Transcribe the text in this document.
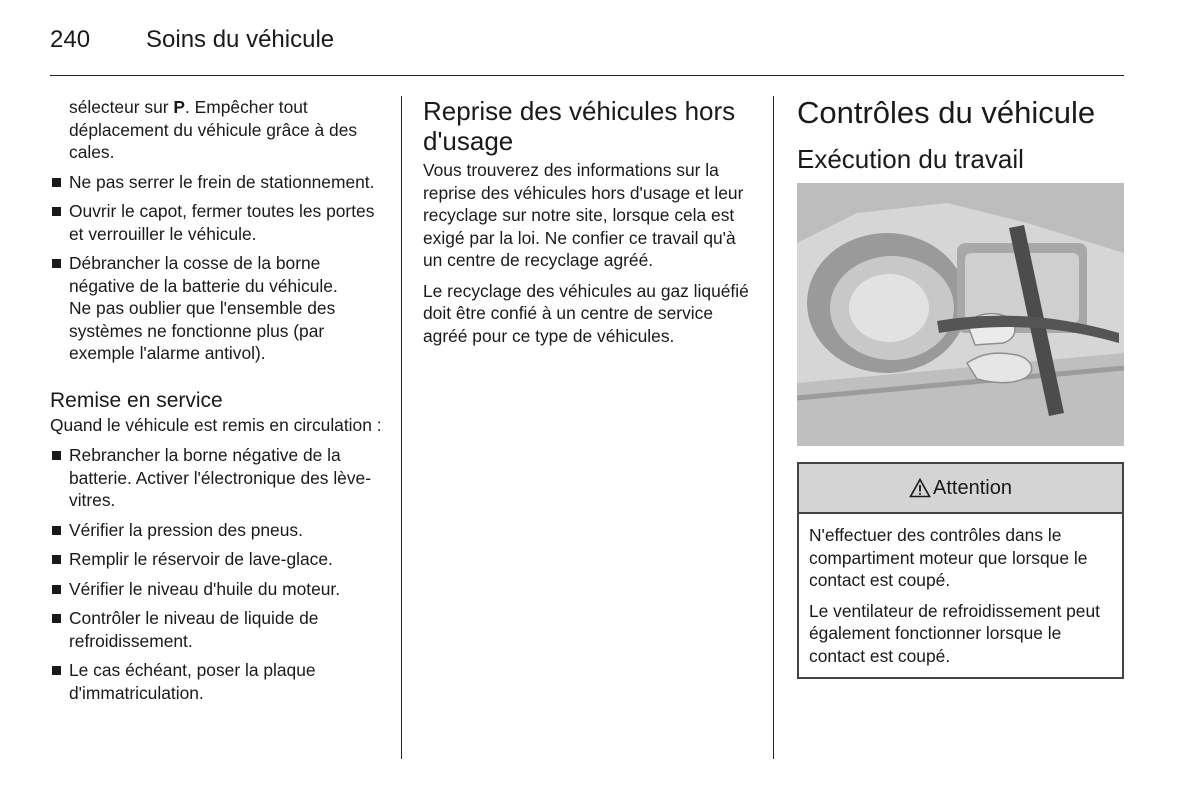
240 Soins du véhicule
sélecteur sur P. Empêcher tout déplacement du véhicule grâce à des cales.
Ne pas serrer le frein de stationnement.
Ouvrir le capot, fermer toutes les portes et verrouiller le véhicule.
Débrancher la cosse de la borne négative de la batterie du véhicule.
Ne pas oublier que l'ensemble des systèmes ne fonctionne plus (par exemple l'alarme antivol).
Remise en service

Quand le véhicule est remis en circulation :

Rebrancher la borne négative de la batterie. Activer l'électronique des lève-vitres.
Vérifier la pression des pneus.
Remplir le réservoir de lave-glace.
Vérifier le niveau d'huile du moteur.
Contrôler le niveau de liquide de refroidissement.
Le cas échéant, poser la plaque d'immatriculation.
Reprise des véhicules hors d'usage

Vous trouverez des informations sur la reprise des véhicules hors d'usage et leur recyclage sur notre site, lorsque cela est exigé par la loi. Ne confier ce travail qu'à un centre de recyclage agréé.

Le recyclage des véhicules au gaz liquéfié doit être confié à un centre de service agréé pour ce type de véhicules.

Contrôles du véhicule
Exécution du travail
Attention

N'effectuer des contrôles dans le compartiment moteur que lorsque le contact est coupé.

Le ventilateur de refroidissement peut également fonctionner lorsque le contact est coupé.
